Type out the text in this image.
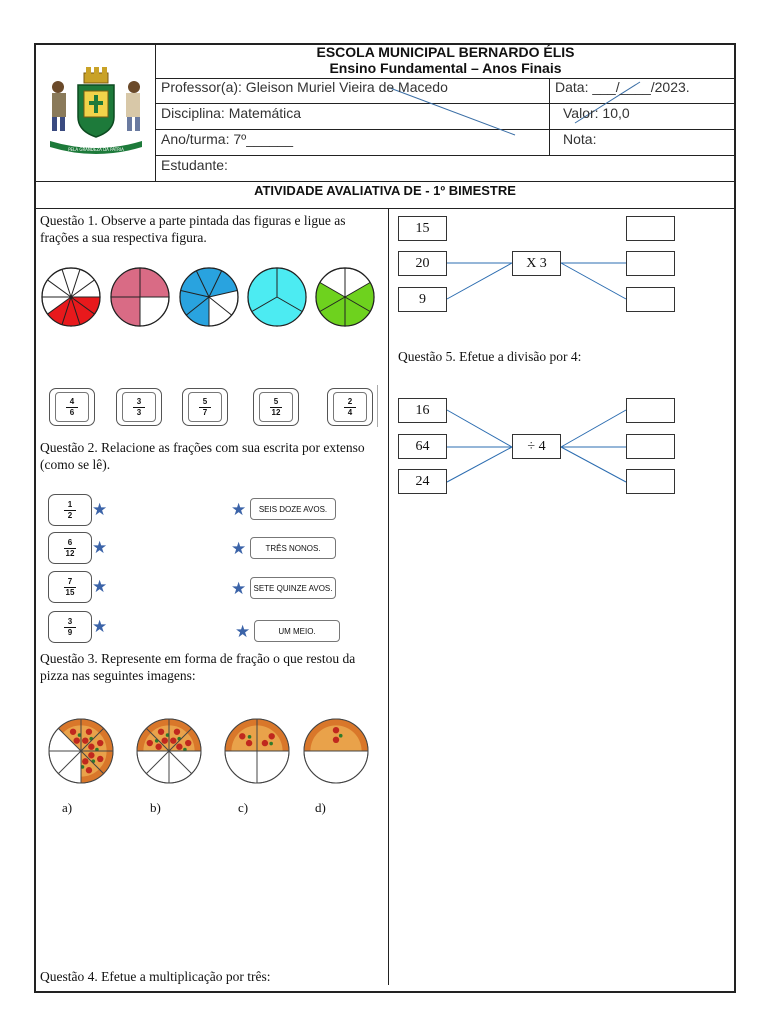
PELA GRANDEZA DA PÁTRIA
ESCOLA MUNICIPAL BERNARDO ÉLIS
Ensino Fundamental – Anos Finais
Professor(a): Gleison Muriel Vieira de Macedo	Data: ___/____/2023.
Disciplina: Matemática	Valor: 10,0
Ano/turma: 7º______	Nota:
Estudante:
ATIVIDADE AVALIATIVA DE - 1º BIMESTRE
Questão 1. Observe a parte pintada das figuras e ligue as frações a sua respectiva figura.
4
6
3
3
5
7
5
12
2
4
Questão 2. Relacione as frações com sua escrita por extenso (como se lê).
1
2 ★
6
12 ★
7
15 ★
3
9 ★
★	SEIS DOZE AVOS.
★	TRÊS NONOS.
★ SETE QUINZE AVOS.
★	UM MEIO.
Questão 3. Represente em forma de fração o que restou da pizza nas seguintes imagens:
a)	b)	c)	d)
Questão 4. Efetue a multiplicação por três:
15
20
9
X 3
Questão 5. Efetue a divisão por 4:
16
64
24
÷ 4
